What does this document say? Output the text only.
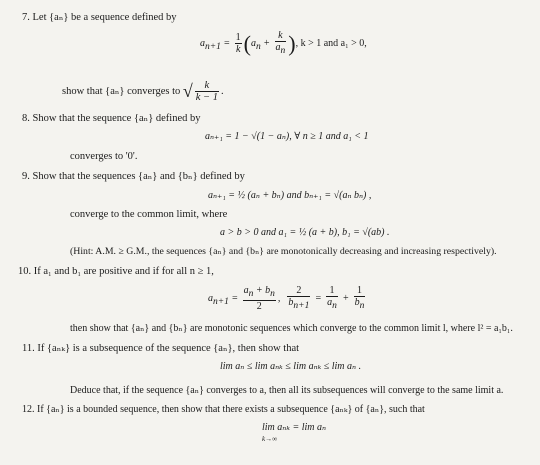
7. Let {aₙ} be a sequence defined by
$a_{n+1} = \frac{1}{k} (a_n + \frac{k}{a_n}$ ), k > 1 and a₁ > 0,
show that {aₙ} converges to √ $\frac{k}{k - 1}$ .
8. Show that the sequence {aₙ} defined by
aₙ₊₁ = 1 − √(1 − aₙ), ∀ n ≥ 1 and a₁ < 1
converges to '0'.
9. Show that the sequences {aₙ} and {bₙ} defined by
aₙ₊₁ = ½ (aₙ + bₙ) and bₙ₊₁ = √(aₙ bₙ) ,
converge to the common limit, where
a > b > 0 and a₁ = ½ (a + b), b₁ = √(ab) .
(Hint: A.M. ≥ G.M., the sequences {aₙ} and {bₙ} are monotonically decreasing and increasing respectively).
10. If a₁ and b₁ are positive and if for all n ≥ 1,
$a_{n+1} = \frac{a_n + b_n}{2}$ , $\frac{2}{b_{n+1}} = \frac{1}{a_n} + \frac{1}{b_n}$
then show that {aₙ} and {bₙ} are monotonic sequences which converge to the common limit l, where l² = a₁b₁.
11. If {aₙₖ} is a subsequence of the sequence {aₙ}, then show that
lim aₙ ≤ lim aₙₖ ≤ lim aₙₖ ≤ lim aₙ .
Deduce that, if the sequence {aₙ} converges to a, then all its subsequences will converge to the same limit a.
12. If {aₙ} is a bounded sequence, then show that there exists a subsequence {aₙₖ} of {aₙ}, such that
lim aₙₖ = lim aₙ
k→∞
